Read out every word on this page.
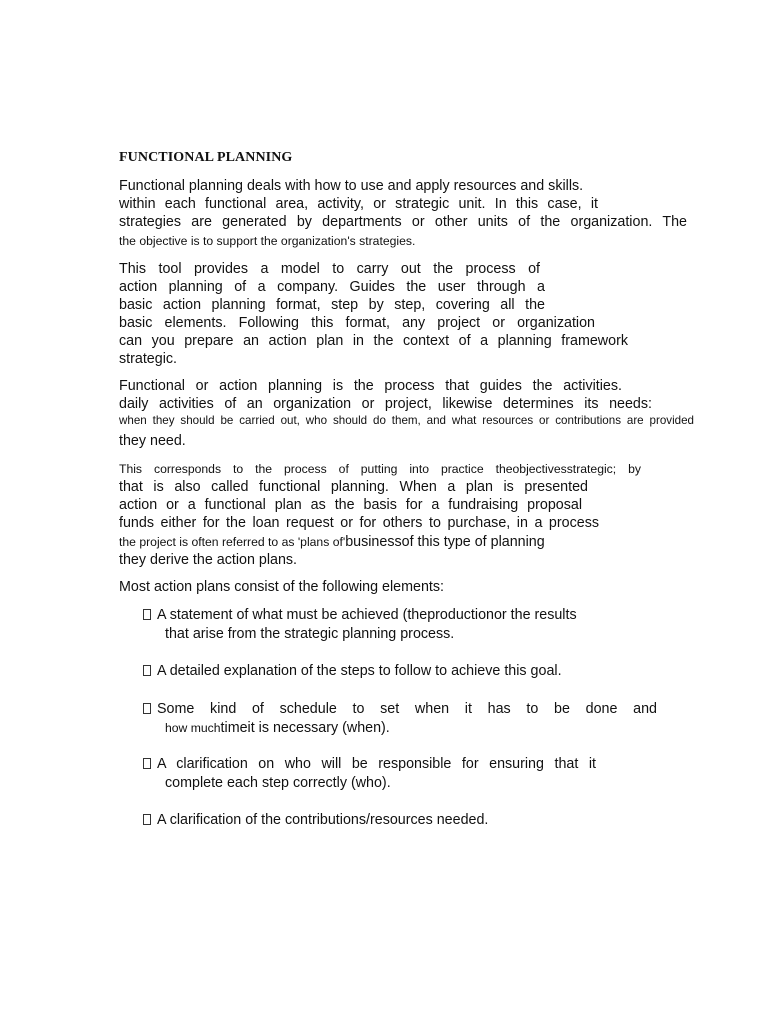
FUNCTIONAL PLANNING
Functional planning deals with how to use and apply resources and skills.
within each functional area, activity, or strategic unit. In this case, it
strategies are generated by departments or other units of the organization. The
the objective is to support the organization's strategies.
This tool provides a model to carry out the process of
action planning of a company. Guides the user through a
basic action planning format, step by step, covering all the
basic elements. Following this format, any project or organization
can you prepare an action plan in the context of a planning framework
strategic.
Functional or action planning is the process that guides the activities.
daily activities of an organization or project, likewise determines its needs:
when they should be carried out, who should do them, and what resources or contributions are provided
they need.
This corresponds to the process of putting into practice theobjectivesstrategic; by
that is also called functional planning. When a plan is presented
action or a functional plan as the basis for a fundraising proposal
funds either for the loan request or for others to purchase, in a process
the project is often referred to as 'plans of'businessof this type of planning
they derive the action plans.
Most action plans consist of the following elements:
A statement of what must be achieved (theproductionor the results
that arise from the strategic planning process.
A detailed explanation of the steps to follow to achieve this goal.
Some kind of schedule to set when it has to be done and
how muchtimeit is necessary (when).
A clarification on who will be responsible for ensuring that it
complete each step correctly (who).
A clarification of the contributions/resources needed.
